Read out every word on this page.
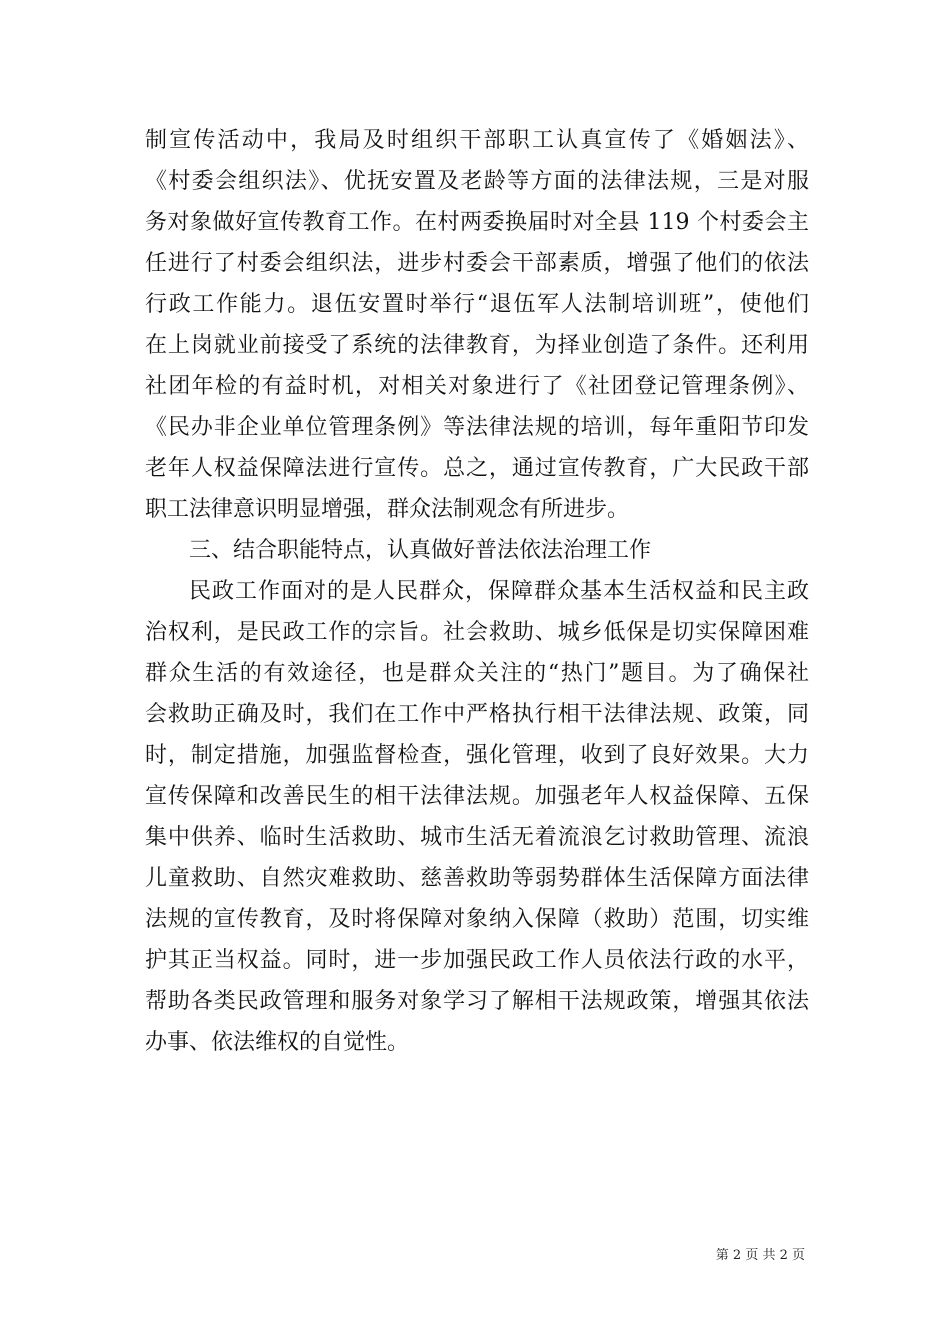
制宣传活动中，我局及时组织干部职工认真宣传了《婚姻法》、
《村委会组织法》、优抚安置及老龄等方面的法律法规，三是对服
务对象做好宣传教育工作。在村两委换届时对全县 119 个村委会主
任进行了村委会组织法，进步村委会干部素质，增强了他们的依法
行政工作能力。退伍安置时举行“退伍军人法制培训班”，使他们
在上岗就业前接受了系统的法律教育，为择业创造了条件。还利用
社团年检的有益时机，对相关对象进行了《社团登记管理条例》、
《民办非企业单位管理条例》等法律法规的培训，每年重阳节印发
老年人权益保障法进行宣传。总之，通过宣传教育，广大民政干部
职工法律意识明显增强，群众法制观念有所进步。
三、结合职能特点，认真做好普法依法治理工作
民政工作面对的是人民群众，保障群众基本生活权益和民主政
治权利，是民政工作的宗旨。社会救助、城乡低保是切实保障困难
群众生活的有效途径，也是群众关注的“热门”题目。为了确保社
会救助正确及时，我们在工作中严格执行相干法律法规、政策，同
时，制定措施，加强监督检查，强化管理，收到了良好效果。大力
宣传保障和改善民生的相干法律法规。加强老年人权益保障、五保
集中供养、临时生活救助、城市生活无着流浪乞讨救助管理、流浪
儿童救助、自然灾难救助、慈善救助等弱势群体生活保障方面法律
法规的宣传教育，及时将保障对象纳入保障（救助）范围，切实维
护其正当权益。同时，进一步加强民政工作人员依法行政的水平，
帮助各类民政管理和服务对象学习了解相干法规政策，增强其依法
办事、依法维权的自觉性。
第 2 页 共 2 页
